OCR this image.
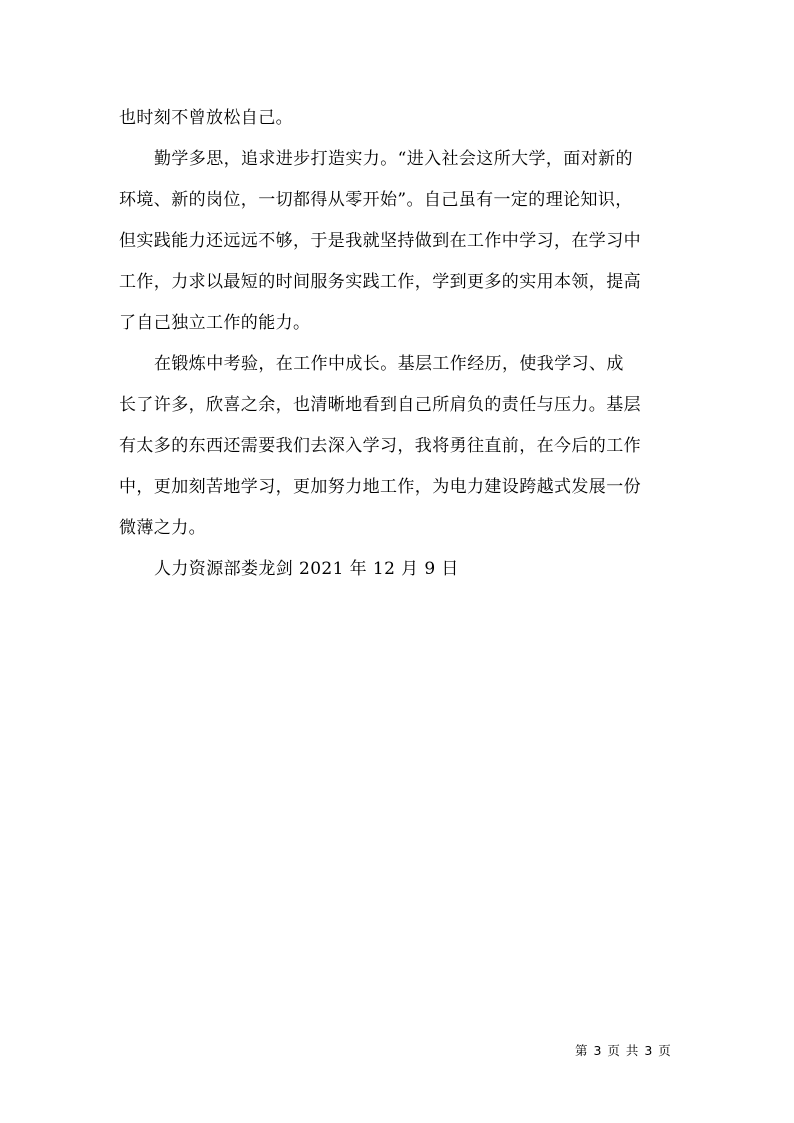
也时刻不曾放松自己。
勤学多思，追求进步打造实力。“进入社会这所大学，面对新的
环境、新的岗位，一切都得从零开始”。自己虽有一定的理论知识，
但实践能力还远远不够，于是我就坚持做到在工作中学习，在学习中
工作，力求以最短的时间服务实践工作，学到更多的实用本领，提高
了自己独立工作的能力。
在锻炼中考验，在工作中成长。基层工作经历，使我学习、成
长了许多，欣喜之余，也清晰地看到自己所肩负的责任与压力。基层
有太多的东西还需要我们去深入学习，我将勇往直前，在今后的工作
中，更加刻苦地学习，更加努力地工作，为电力建设跨越式发展一份
微薄之力。
人力资源部娄龙剑 2021 年 12 月 9 日
第 3 页 共 3 页
